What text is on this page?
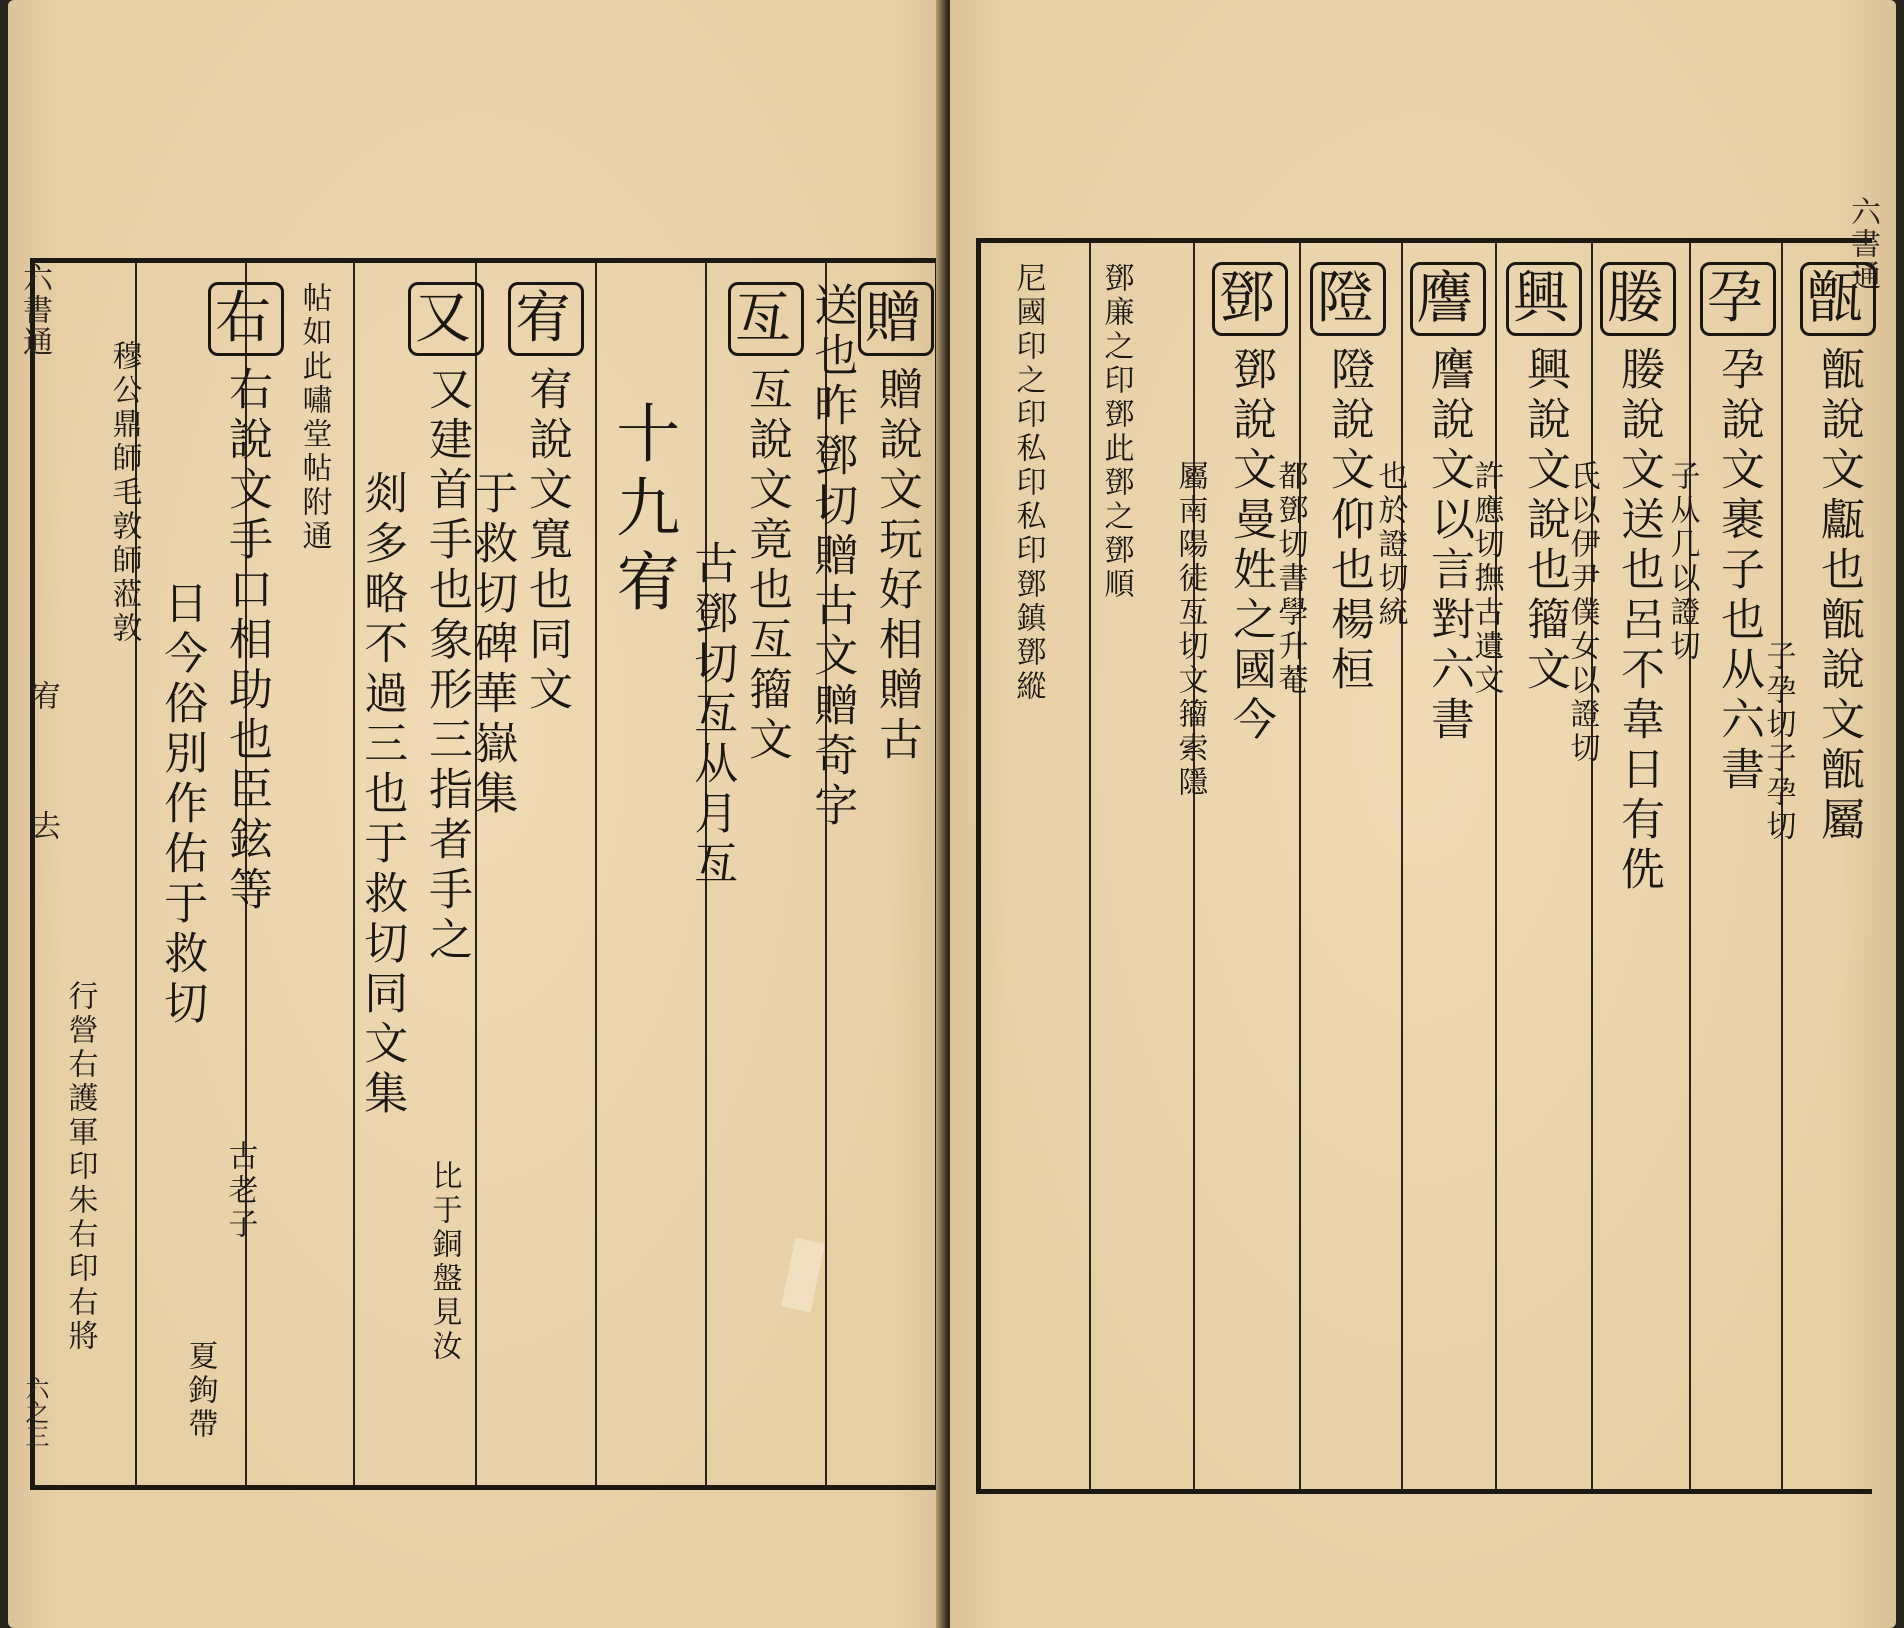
六書通
宥
去
六之三
贈贈說文玩好相贈古
送也昨鄧切贈古文贈奇字
亙亙說文竟也亙籀文
古鄧切亙从月亙
十九宥
宥宥說文寬也同文
于救切碑華嶽集
又又建首手也象形三指者手之
剡多略不過三也于救切同文集
帖如此嘯堂帖附通
右右說文手口相助也臣鉉等
日今俗別作佑于救切
穆公鼎師毛敦師蒞敦
行營右護軍印朱右印右將	比于銅盤見汝
古老子
夏鉤帶
六書通
甑甑說文甗也甑說文甑屬
子孕切子孕切
孕孕說文裹子也从六書
子从几以證切
媵媵說文送也呂不韋日有侁
氏以伊尹僕女以證切
興興說文說也籀文
許應切撫古遺文
譍譍說文以言對六書
也於證切統
隥隥說文仰也楊桓
都鄧切書學升菴
鄧鄧說文曼姓之國今
屬南陽徒亙切文籀索隱
鄧廉之印鄧此鄧之鄧順
尼國印之印私印私印鄧鎮鄧縱
